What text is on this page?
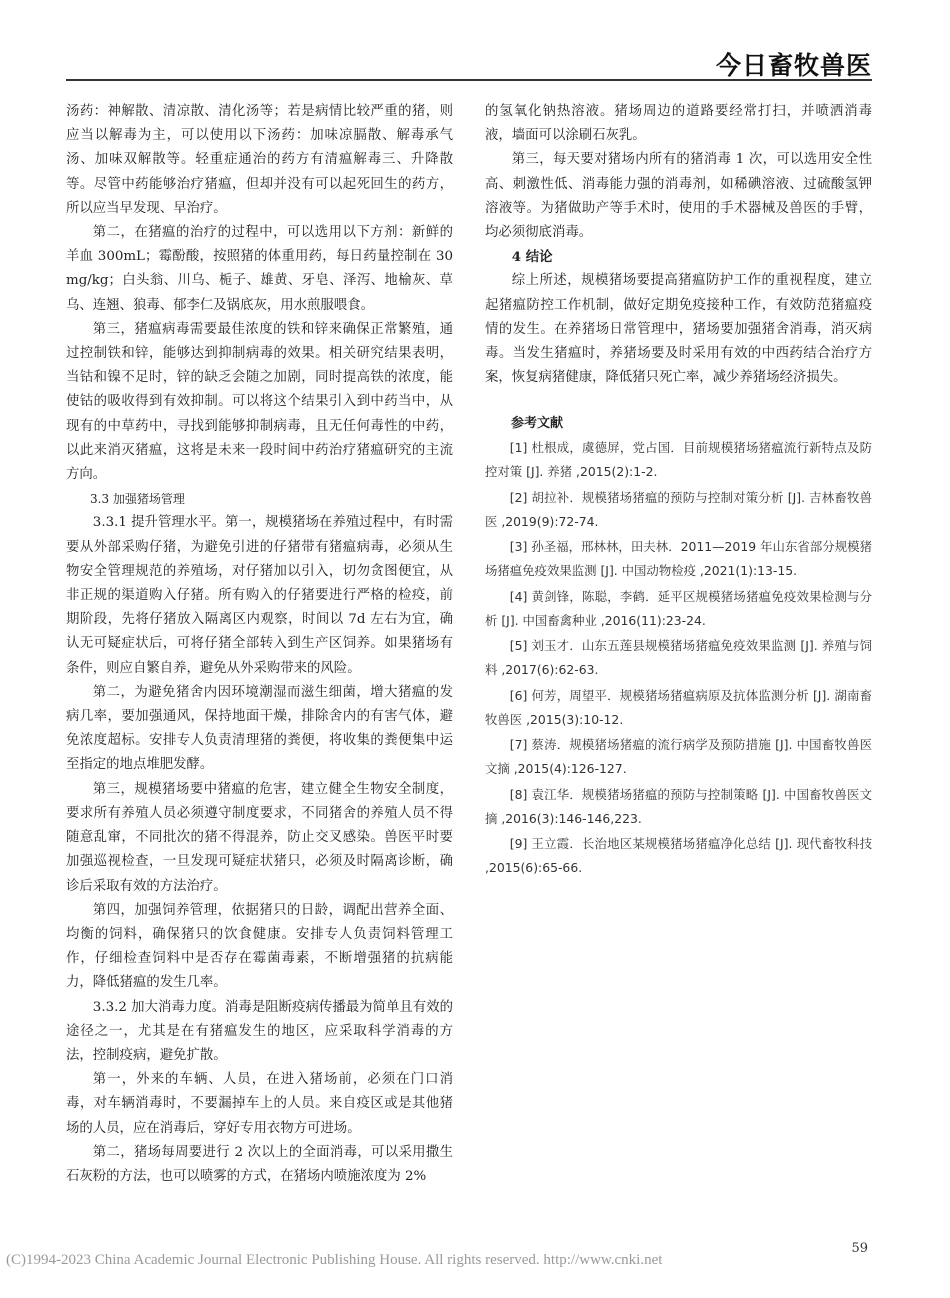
今日畜牧兽医

汤药：神解散、清凉散、清化汤等；若是病情比较严重的猪，则应当以解毒为主，可以使用以下汤药：加味凉膈散、解毒承气汤、加味双解散等。轻重症通治的药方有清瘟解毒三、升降散等。尽管中药能够治疗猪瘟，但却并没有可以起死回生的药方，所以应当早发现、早治疗。

第二，在猪瘟的治疗的过程中，可以选用以下方剂：新鲜的羊血 300mL；霉酚酸，按照猪的体重用药，每日药量控制在 30mg/kg；白头翁、川乌、栀子、雄黄、牙皂、泽泻、地榆灰、草乌、连翘、狼毒、郁李仁及锅底灰，用水煎服喂食。

第三，猪瘟病毒需要最佳浓度的铁和锌来确保正常繁殖，通过控制铁和锌，能够达到抑制病毒的效果。相关研究结果表明，当钴和镍不足时，锌的缺乏会随之加剧，同时提高铁的浓度，能使钴的吸收得到有效抑制。可以将这个结果引入到中药当中，从现有的中草药中，寻找到能够抑制病毒，且无任何毒性的中药，以此来消灭猪瘟，这将是未来一段时间中药治疗猪瘟研究的主流方向。

3.3 加强猪场管理

3.3.1 提升管理水平。第一，规模猪场在养殖过程中，有时需要从外部采购仔猪，为避免引进的仔猪带有猪瘟病毒，必须从生物安全管理规范的养殖场，对仔猪加以引入，切勿贪图便宜，从非正规的渠道购入仔猪。所有购入的仔猪要进行严格的检疫，前期阶段，先将仔猪放入隔离区内观察，时间以 7d 左右为宜，确认无可疑症状后，可将仔猪全部转入到生产区饲养。如果猪场有条件，则应自繁自养，避免从外采购带来的风险。

第二，为避免猪舍内因环境潮湿而滋生细菌，增大猪瘟的发病几率，要加强通风，保持地面干燥，排除舍内的有害气体，避免浓度超标。安排专人负责清理猪的粪便，将收集的粪便集中运至指定的地点堆肥发酵。

第三，规模猪场要中猪瘟的危害，建立健全生物安全制度，要求所有养殖人员必须遵守制度要求，不同猪舍的养殖人员不得随意乱窜，不同批次的猪不得混养，防止交叉感染。兽医平时要加强巡视检查，一旦发现可疑症状猪只，必须及时隔离诊断，确诊后采取有效的方法治疗。

第四，加强饲养管理，依据猪只的日龄，调配出营养全面、均衡的饲料，确保猪只的饮食健康。安排专人负责饲料管理工作，仔细检查饲料中是否存在霉菌毒素，不断增强猪的抗病能力，降低猪瘟的发生几率。

3.3.2 加大消毒力度。消毒是阻断疫病传播最为简单且有效的途径之一，尤其是在有猪瘟发生的地区，应采取科学消毒的方法，控制疫病，避免扩散。

第一，外来的车辆、人员，在进入猪场前，必须在门口消毒，对车辆消毒时，不要漏掉车上的人员。来自疫区或是其他猪场的人员，应在消毒后，穿好专用衣物方可进场。

第二，猪场每周要进行 2 次以上的全面消毒，可以采用撒生石灰粉的方法，也可以喷雾的方式，在猪场内喷施浓度为 2%

的氢氧化钠热溶液。猪场周边的道路要经常打扫，并喷洒消毒液，墙面可以涂刷石灰乳。

第三，每天要对猪场内所有的猪消毒 1 次，可以选用安全性高、刺激性低、消毒能力强的消毒剂，如稀碘溶液、过硫酸氢钾溶液等。为猪做助产等手术时，使用的手术器械及兽医的手臂，均必须彻底消毒。

4 结论

综上所述，规模猪场要提高猪瘟防护工作的重视程度，建立起猪瘟防控工作机制，做好定期免疫接种工作，有效防范猪瘟疫情的发生。在养猪场日常管理中，猪场要加强猪舍消毒，消灭病毒。当发生猪瘟时，养猪场要及时采用有效的中西药结合治疗方案，恢复病猪健康，降低猪只死亡率，减少养猪场经济损失。

参考文献

[1] 杜根成，虞德屏，党占国．目前规模猪场猪瘟流行新特点及防控对策 [J]. 养猪 ,2015(2):1-2.

[2] 胡拉补．规模猪场猪瘟的预防与控制对策分析 [J]. 吉林畜牧兽医 ,2019(9):72-74.

[3] 孙圣福，邢林林，田夫林．2011—2019 年山东省部分规模猪场猪瘟免疫效果监测 [J]. 中国动物检疫 ,2021(1):13-15.

[4] 黄剑锋，陈聪，李鹤．延平区规模猪场猪瘟免疫效果检测与分析 [J]. 中国畜禽种业 ,2016(11):23-24.

[5] 刘玉才．山东五莲县规模猪场猪瘟免疫效果监测 [J]. 养殖与饲料 ,2017(6):62-63.

[6] 何芳，周望平．规模猪场猪瘟病原及抗体监测分析 [J]. 湖南畜牧兽医 ,2015(3):10-12.

[7] 蔡涛．规模猪场猪瘟的流行病学及预防措施 [J]. 中国畜牧兽医文摘 ,2015(4):126-127.

[8] 袁江华．规模猪场猪瘟的预防与控制策略 [J]. 中国畜牧兽医文摘 ,2016(3):146-146,223.

[9] 王立霞．长治地区某规模猪场猪瘟净化总结 [J]. 现代畜牧科技 ,2015(6):65-66.

59
(C)1994-2023 China Academic Journal Electronic Publishing House. All rights reserved. http://www.cnki.net
